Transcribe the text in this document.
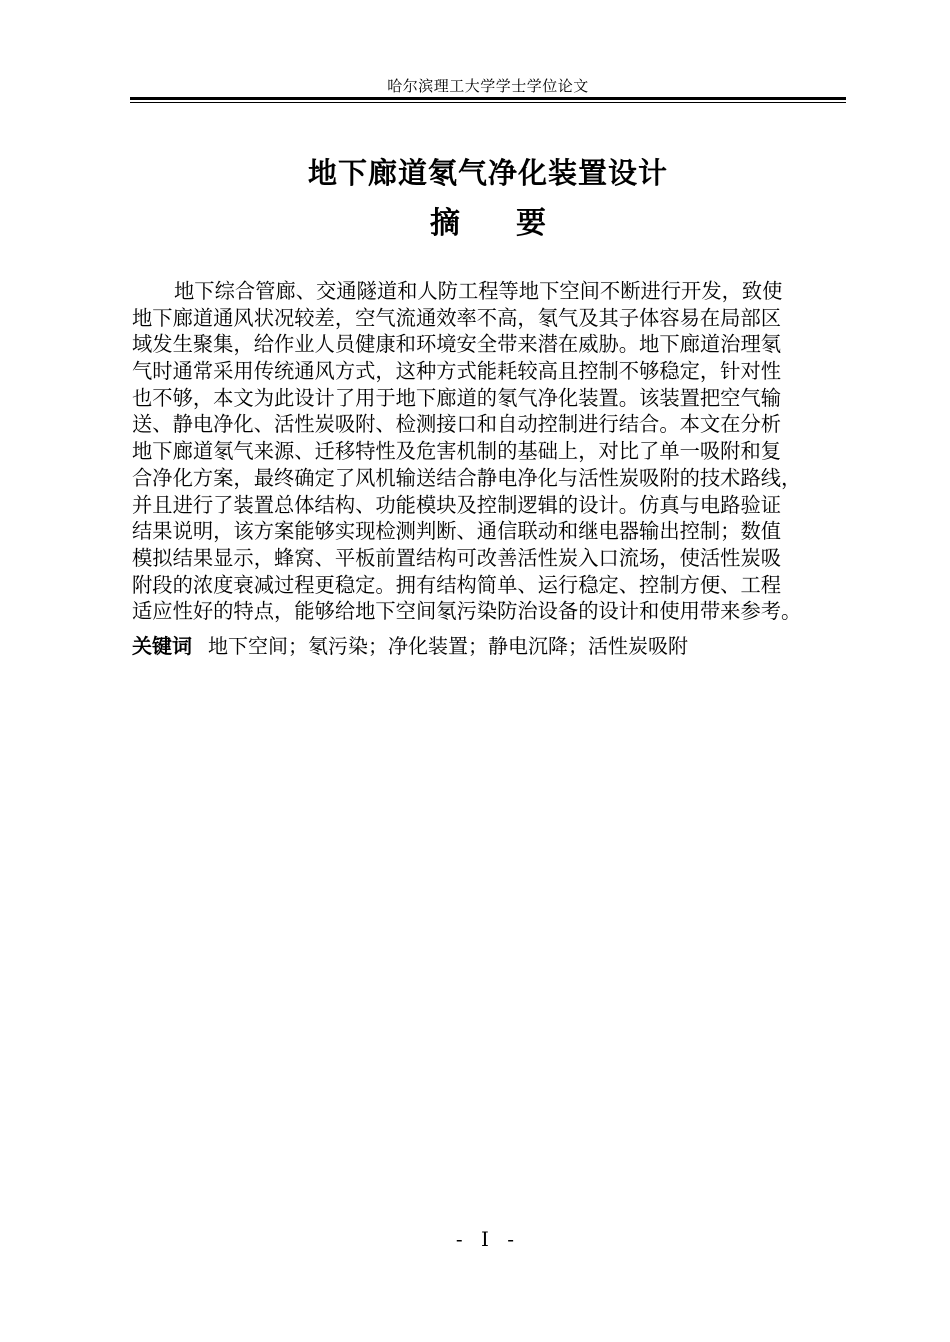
哈尔滨理工大学学士学位论文
地下廊道氡气净化装置设计
摘要
地下综合管廊、交通隧道和人防工程等地下空间不断进行开发，致使
地下廊道通风状况较差，空气流通效率不高，氡气及其子体容易在局部区
域发生聚集，给作业人员健康和环境安全带来潜在威胁。地下廊道治理氡
气时通常采用传统通风方式，这种方式能耗较高且控制不够稳定，针对性
也不够，本文为此设计了用于地下廊道的氡气净化装置。该装置把空气输
送、静电净化、活性炭吸附、检测接口和自动控制进行结合。本文在分析
地下廊道氡气来源、迁移特性及危害机制的基础上，对比了单一吸附和复
合净化方案，最终确定了风机输送结合静电净化与活性炭吸附的技术路线，
并且进行了装置总体结构、功能模块及控制逻辑的设计。仿真与电路验证
结果说明，该方案能够实现检测判断、通信联动和继电器输出控制；数值
模拟结果显示，蜂窝、平板前置结构可改善活性炭入口流场，使活性炭吸
附段的浓度衰减过程更稳定。拥有结构简单、运行稳定、控制方便、工程
适应性好的特点，能够给地下空间氡污染防治设备的设计和使用带来参考。
关键词 地下空间；氡污染；净化装置；静电沉降；活性炭吸附
- I -
